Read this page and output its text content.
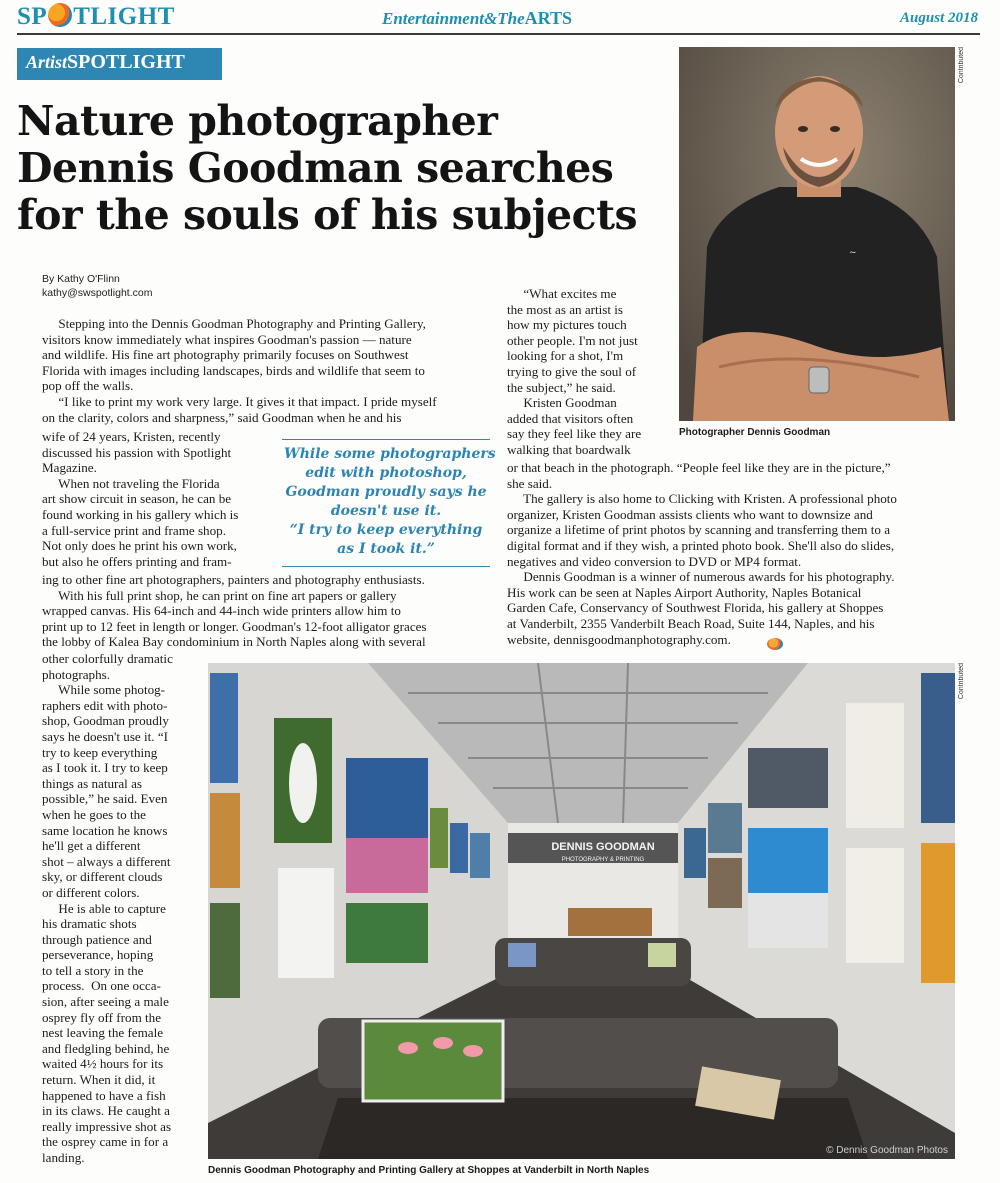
SP TLIGHT	Entertainment&TheARTS	August 2018
ArtistSPOTLIGHT
Nature photographer
Dennis Goodman searches
for the souls of his subjects
By Kathy O'Flinn
kathy@swspotlight.com
Stepping into the Dennis Goodman Photography and Printing Gallery,
visitors know immediately what inspires Goodman's passion — nature
and wildlife. His fine art photography primarily focuses on Southwest
Florida with images including landscapes, birds and wildlife that seem to
pop off the walls.
“I like to print my work very large. It gives it that impact. I pride myself
on the clarity, colors and sharpness,” said Goodman when he and his
wife of 24 years, Kristen, recently
discussed his passion with Spotlight
Magazine.
When not traveling the Florida
art show circuit in season, he can be
found working in his gallery which is
a full-service print and frame shop.
Not only does he print his own work,
but also he offers printing and fram-
ing to other fine art photographers, painters and photography enthusiasts.
With his full print shop, he can print on fine art papers or gallery
wrapped canvas. His 64-inch and 44-inch wide printers allow him to
print up to 12 feet in length or longer. Goodman's 12-foot alligator graces
the lobby of Kalea Bay condominium in North Naples along with several
other colorfully dramatic
photographs.
While some photog-
raphers edit with photo-
shop, Goodman proudly
says he doesn't use it. “I
try to keep everything
as I took it. I try to keep
things as natural as
possible,” he said. Even
when he goes to the
same location he knows
he'll get a different
shot – always a different
sky, or different clouds
or different colors.
He is able to capture
his dramatic shots
through patience and
perseverance, hoping
to tell a story in the
process.  On one occa-
sion, after seeing a male
osprey fly off from the
nest leaving the female
and fledgling behind, he
waited 4½ hours for its
return. When it did, it
happened to have a fish
in its claws. He caught a
really impressive shot as
the osprey came in for a
landing.
“What excites me
the most as an artist is
how my pictures touch
other people. I'm not just
looking for a shot, I'm
trying to give the soul of
the subject,” he said.
Kristen Goodman
added that visitors often
say they feel like they are
walking that boardwalk
or that beach in the photograph. “People feel like they are in the picture,”
she said.
The gallery is also home to Clicking with Kristen. A professional photo
organizer, Kristen Goodman assists clients who want to downsize and
organize a lifetime of print photos by scanning and transferring them to a
digital format and if they wish, a printed photo book. She'll also do slides,
negatives and video conversion to DVD or MP4 format.
Dennis Goodman is a winner of numerous awards for his photography.
His work can be seen at Naples Airport Authority, Naples Botanical
Garden Cafe, Conservancy of Southwest Florida, his gallery at Shoppes
at Vanderbilt, 2355 Vanderbilt Beach Road, Suite 144, Naples, and his
website, dennisgoodmanphotography.com.
While some photographers
edit with photoshop,
Goodman proudly says he
doesn't use it.
“I try to keep everything
as I took it.”
~
Contributed
Photographer Dennis Goodman
DENNIS GOODMAN
PHOTOGRAPHY & PRINTING
© Dennis Goodman Photos
Contributed
Dennis Goodman Photography and Printing Gallery at Shoppes at Vanderbilt in North Naples
